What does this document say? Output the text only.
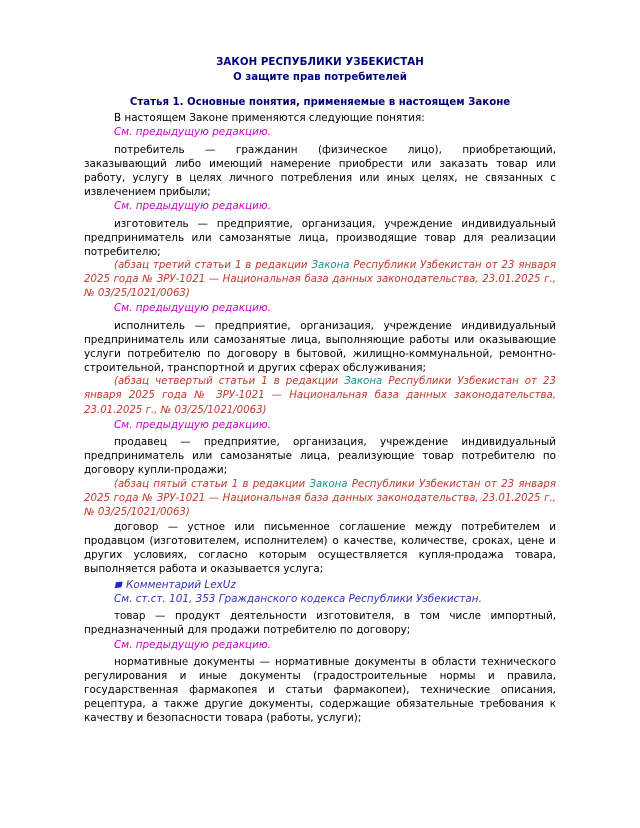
ЗАКОН РЕСПУБЛИКИ УЗБЕКИСТАН
О защите прав потребителей
Статья 1. Основные понятия, применяемые в настоящем Законе

В настоящем Законе применяются следующие понятия:

См. предыдущую редакцию.

потребитель — гражданин (физическое лицо), приобретающий, заказывающий либо имеющий намерение приобрести или заказать товар или работу, услугу в целях личного потребления или иных целях, не связанных с извлечением прибыли;

См. предыдущую редакцию.

изготовитель — предприятие, организация, учреждение индивидуальный предприниматель или самозанятые лица, производящие товар для реализации потребителю;

(абзац третий статьи 1 в редакции Закона Республики Узбекистан от 23 января 2025 года № ЗРУ-1021 — Национальная база данных законодательства, 23.01.2025 г., № 03/25/1021/0063)

См. предыдущую редакцию.

исполнитель — предприятие, организация, учреждение индивидуальный предприниматель или самозанятые лица, выполняющие работы или оказывающие услуги потребителю по договору в бытовой, жилищно-коммунальной, ремонтно-строительной, транспортной и других сферах обслуживания;

(абзац четвертый статьи 1 в редакции Закона Республики Узбекистан от 23 января 2025 года № ЗРУ-1021 — Национальная база данных законодательства, 23.01.2025 г., № 03/25/1021/0063)

См. предыдущую редакцию.

продавец — предприятие, организация, учреждение индивидуальный предприниматель или самозанятые лица, реализующие товар потребителю по договору купли-продажи;

(абзац пятый статьи 1 в редакции Закона Республики Узбекистан от 23 января 2025 года № ЗРУ-1021 — Национальная база данных законодательства, 23.01.2025 г., № 03/25/1021/0063)

договор — устное или письменное соглашение между потребителем и продавцом (изготовителем, исполнителем) о качестве, количестве, сроках, цене и других условиях, согласно которым осуществляется купля-продажа товара, выполняется работа и оказывается услуга;

Комментарий LexUz

См. ст.ст. 101, 353 Гражданского кодекса Республики Узбекистан.

товар — продукт деятельности изготовителя, в том числе импортный, предназначенный для продажи потребителю по договору;

См. предыдущую редакцию.

нормативные документы — нормативные документы в области технического регулирования и иные документы (градостроительные нормы и правила, государственная фармакопея и статьи фармакопеи), технические описания, рецептура, а также другие документы, содержащие обязательные требования к качеству и безопасности товара (работы, услуги);
